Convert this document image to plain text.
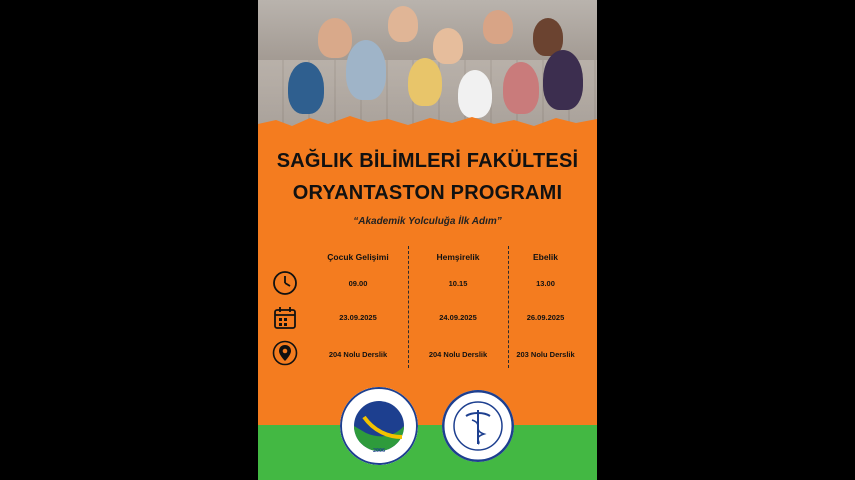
SAĞLIK BİLİMLERİ FAKÜLTESİ
ORYANTASTON PROGRAMI
“Akademik Yolculuğa İlk Adım”
Çocuk Gelişimi	Hemşirelik	Ebelik
09.00	10.15	13.00
23.09.2025	24.09.2025	26.09.2025
204 Nolu Derslik	204 Nolu Derslik	203 Nolu Derslik
2006
